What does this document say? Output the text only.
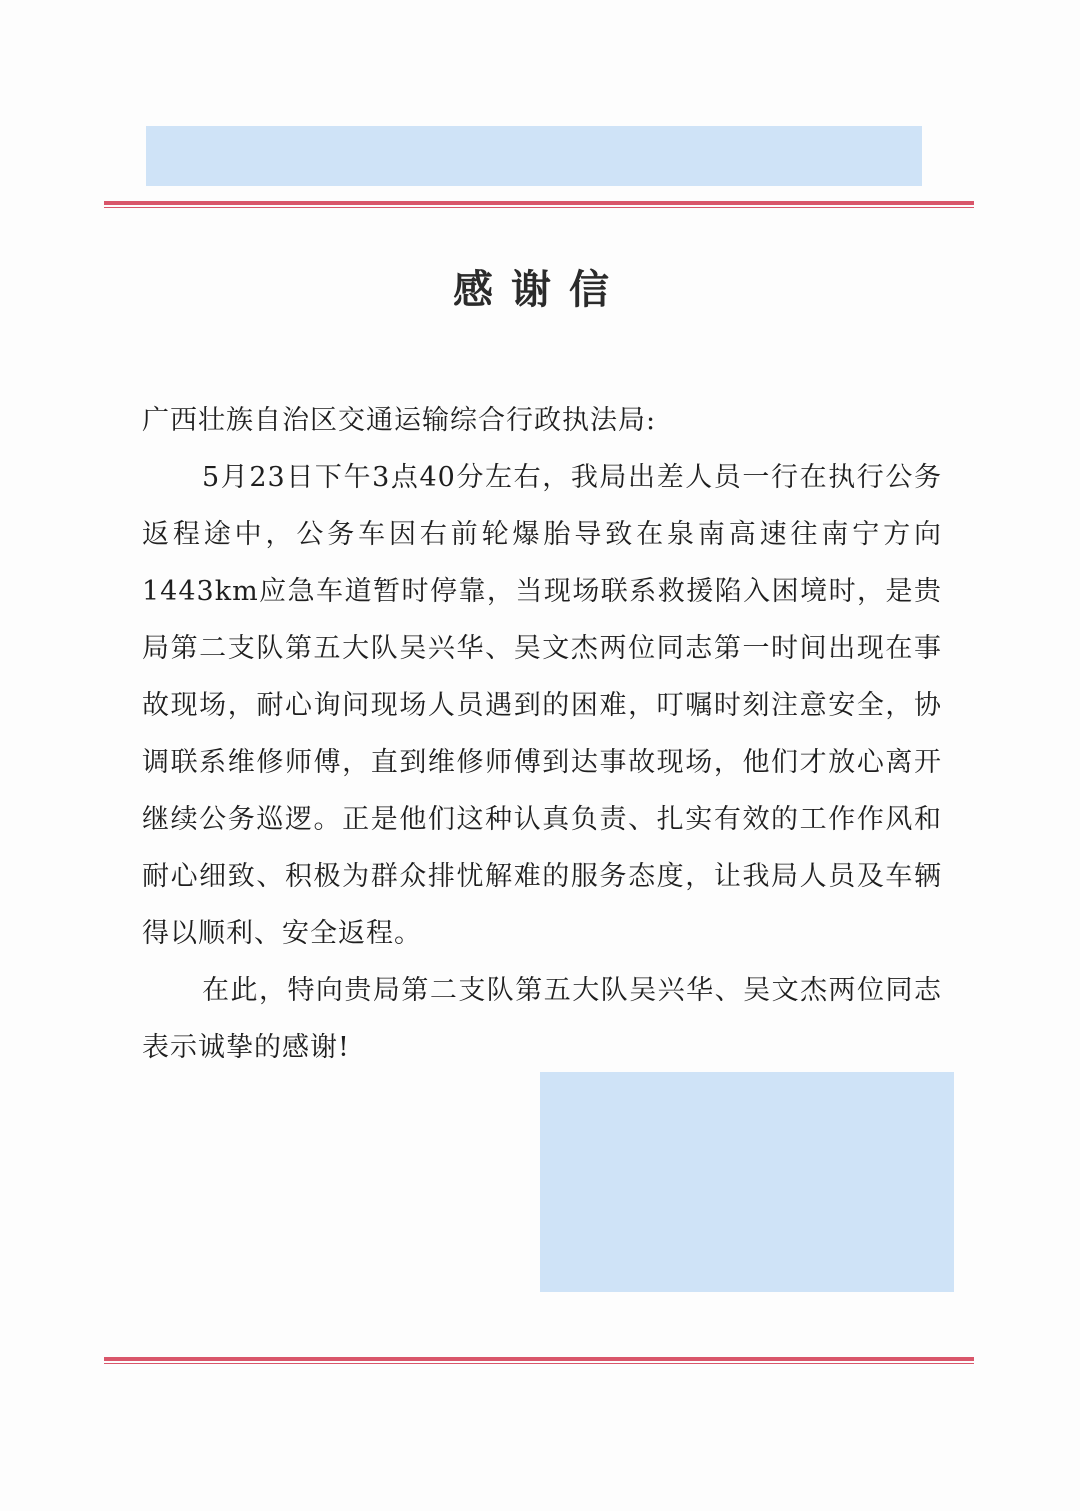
感谢信

广西壮族自治区交通运输综合行政执法局:

5月23日下午3点40分左右，我局出差人员一行在执行公务返程途中，公务车因右前轮爆胎导致在泉南高速往南宁方向1443km应急车道暂时停靠，当现场联系救援陷入困境时，是贵局第二支队第五大队吴兴华、吴文杰两位同志第一时间出现在事故现场，耐心询问现场人员遇到的困难，叮嘱时刻注意安全，协调联系维修师傅，直到维修师傅到达事故现场，他们才放心离开继续公务巡逻。正是他们这种认真负责、扎实有效的工作作风和耐心细致、积极为群众排忧解难的服务态度，让我局人员及车辆得以顺利、安全返程。

在此，特向贵局第二支队第五大队吴兴华、吴文杰两位同志表示诚挚的感谢!
